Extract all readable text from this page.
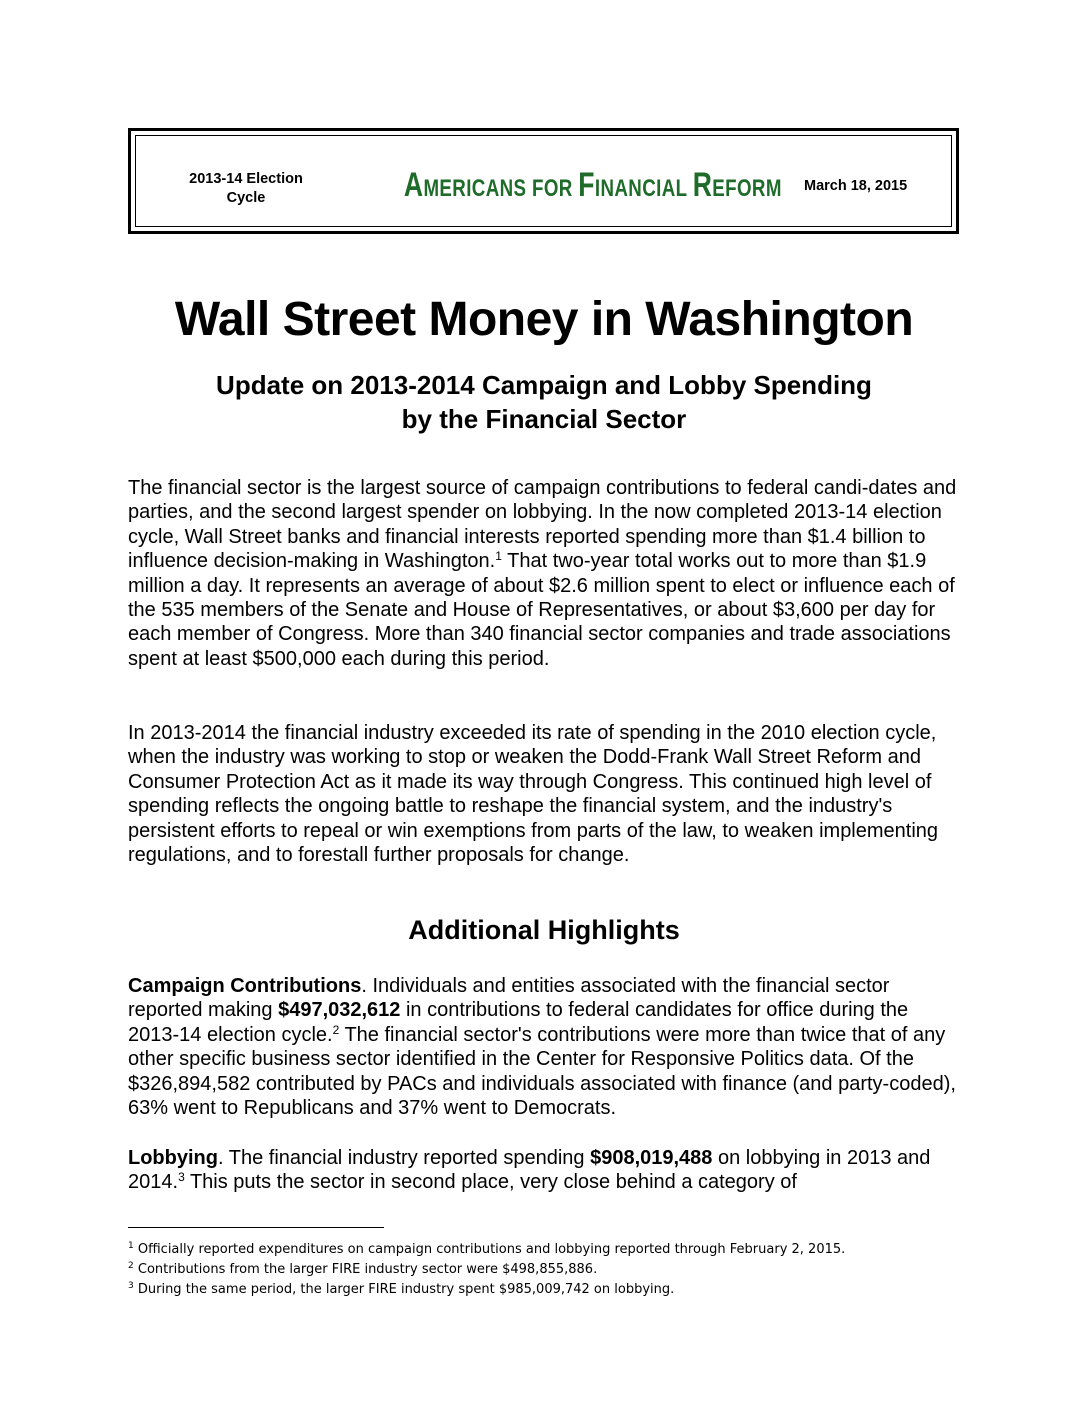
2013-14 Election
Cycle	AMERICANS FOR FINANCIAL REFORM March 18, 2015
Wall Street Money in Washington
Update on 2013-2014 Campaign and Lobby Spending
by the Financial Sector

The financial sector is the largest source of campaign contributions to federal candi-dates and parties, and the second largest spender on lobbying. In the now completed 2013-14 election cycle, Wall Street banks and financial interests reported spending more than $1.4 billion to influence decision-making in Washington.$^1$ That two-year total works out to more than $1.9 million a day. It represents an average of about $2.6 million spent to elect or influence each of the 535 members of the Senate and House of Representatives, or about $3,600 per day for each member of Congress. More than 340 financial sector companies and trade associations spent at least $500,000 each during this period.

In 2013-2014 the financial industry exceeded its rate of spending in the 2010 election cycle, when the industry was working to stop or weaken the Dodd-Frank Wall Street Reform and Consumer Protection Act as it made its way through Congress. This continued high level of spending reflects the ongoing battle to reshape the financial system, and the industry's persistent efforts to repeal or win exemptions from parts of the law, to weaken implementing regulations, and to forestall further proposals for change.

Additional Highlights

Campaign Contributions. Individuals and entities associated with the financial sector reported making $497,032,612 in contributions to federal candidates for office during the 2013-14 election cycle.$^2$ The financial sector's contributions were more than twice that of any other specific business sector identified in the Center for Responsive Politics data. Of the $326,894,582 contributed by PACs and individuals associated with finance (and party-coded), 63% went to Republicans and 37% went to Democrats.

Lobbying. The financial industry reported spending $908,019,488 on lobbying in 2013 and 2014.$^3$ This puts the sector in second place, very close behind a category of

$^1$ Officially reported expenditures on campaign contributions and lobbying reported through February 2, 2015.
$^2$ Contributions from the larger FIRE industry sector were $498,855,886.
$^3$ During the same period, the larger FIRE industry spent $985,009,742 on lobbying.
